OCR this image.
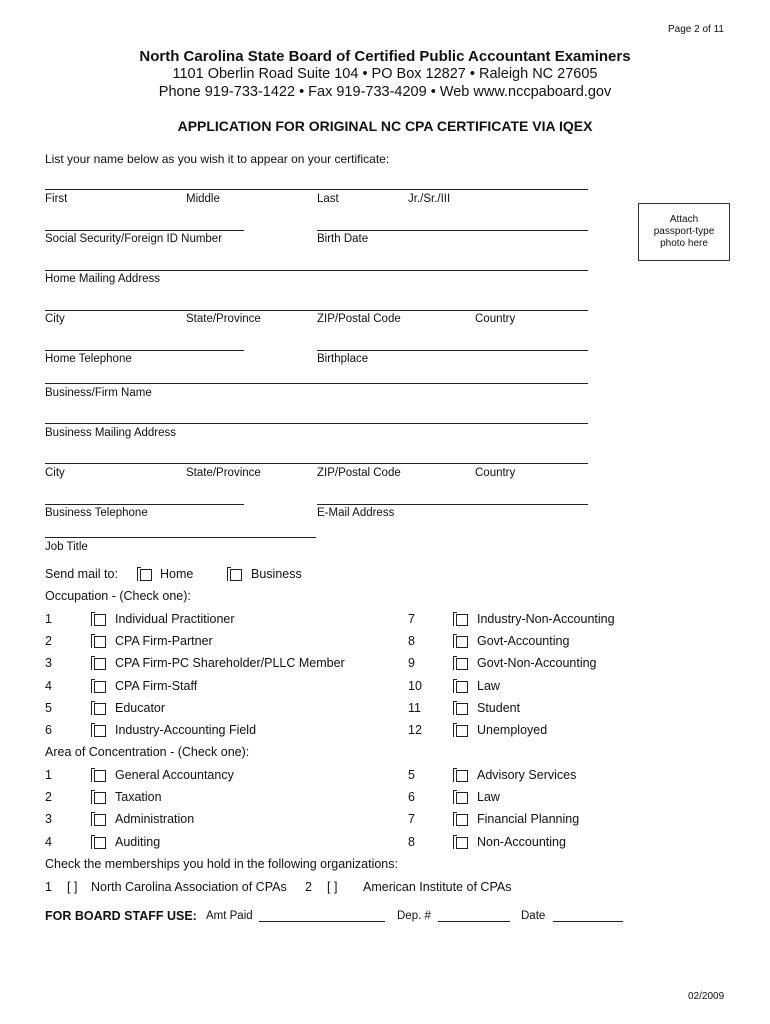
Page 2 of 11
North Carolina State Board of Certified Public Accountant Examiners
1101 Oberlin Road Suite 104 • PO Box 12827 • Raleigh NC 27605
Phone 919-733-1422 • Fax 919-733-4209 • Web www.nccpaboard.gov
APPLICATION FOR ORIGINAL NC CPA CERTIFICATE VIA IQEX
List your name below as you wish it to appear on your certificate:
Attach passport-type photo here
First	Middle	Last	Jr./Sr./III
Social Security/Foreign ID Number	Birth Date
Home Mailing Address
City	State/Province	ZIP/Postal Code	Country
Home Telephone	Birthplace
Business/Firm Name
Business Mailing Address
City	State/Province	ZIP/Postal Code	Country
Business Telephone	E-Mail Address
Job Title
Send mail to:	Home	Business
Occupation - (Check one):
1	Individual Practitioner
2	CPA Firm-Partner
3	CPA Firm-PC Shareholder/PLLC Member
4	CPA Firm-Staff
5	Educator
6	Industry-Accounting Field
7	Industry-Non-Accounting
8	Govt-Accounting
9	Govt-Non-Accounting
10	Law
11	Student
12	Unemployed
Area of Concentration - (Check one):
1	General Accountancy
2	Taxation
3	Administration
4	Auditing
5	Advisory Services
6	Law
7	Financial Planning
8	Non-Accounting
Check the memberships you hold in the following organizations:
1 [ ] North Carolina Association of CPAs 2 [ ] American Institute of CPAs
FOR BOARD STAFF USE: Amt Paid	Dep. #	Date
02/2009
